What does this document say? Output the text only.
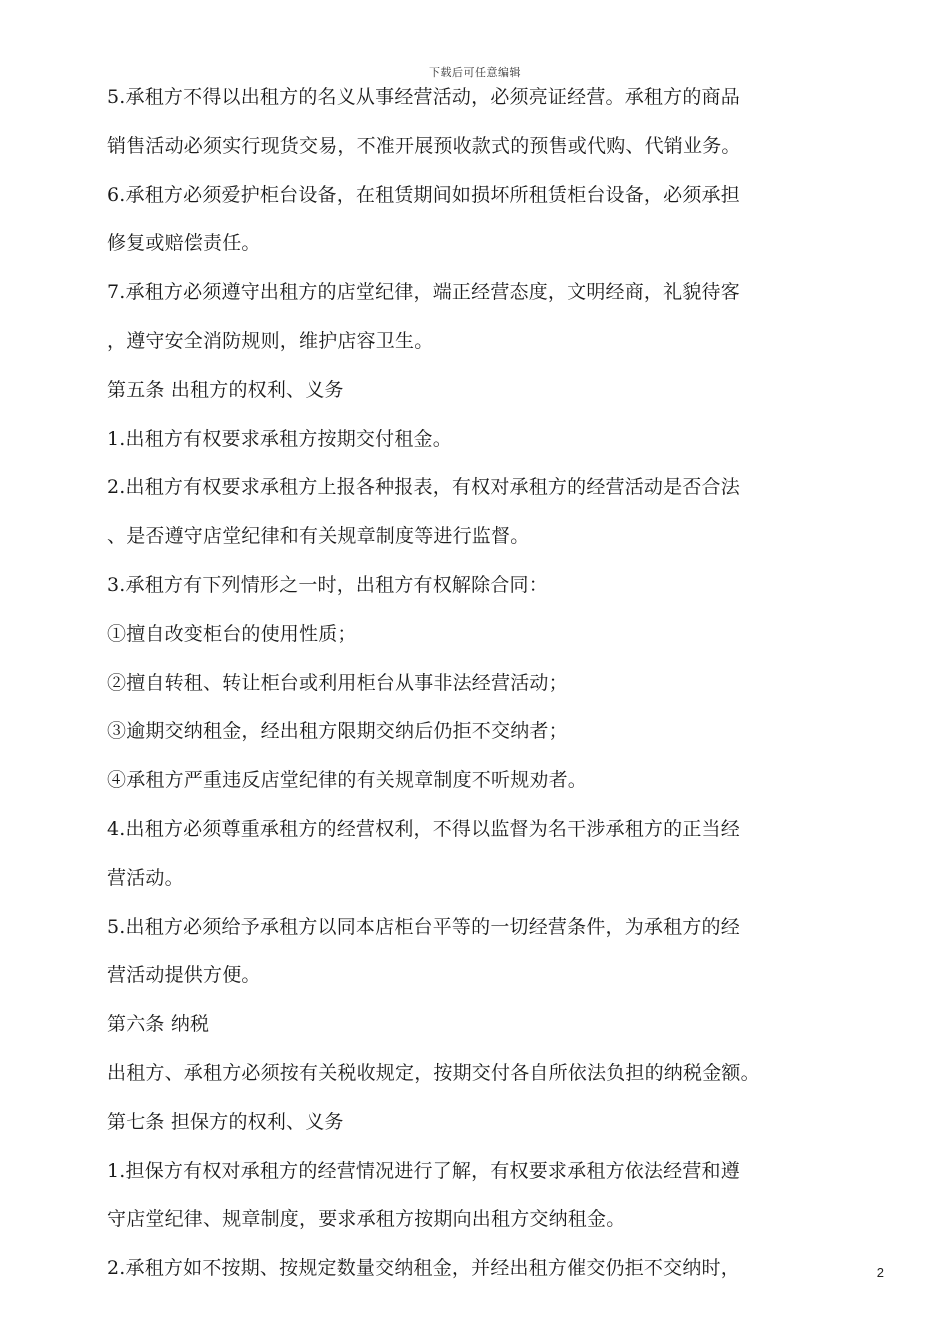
下载后可任意编辑
5.承租方不得以出租方的名义从事经营活动，必须亮证经营。承租方的商品
销售活动必须实行现货交易，不准开展预收款式的预售或代购、代销业务。
6.承租方必须爱护柜台设备，在租赁期间如损坏所租赁柜台设备，必须承担
修复或赔偿责任。
7.承租方必须遵守出租方的店堂纪律，端正经营态度，文明经商，礼貌待客
，遵守安全消防规则，维护店容卫生。
第五条 出租方的权利、义务
1.出租方有权要求承租方按期交付租金。
2.出租方有权要求承租方上报各种报表，有权对承租方的经营活动是否合法
、是否遵守店堂纪律和有关规章制度等进行监督。
3.承租方有下列情形之一时，出租方有权解除合同：
①擅自改变柜台的使用性质；
②擅自转租、转让柜台或利用柜台从事非法经营活动；
③逾期交纳租金，经出租方限期交纳后仍拒不交纳者；
④承租方严重违反店堂纪律的有关规章制度不听规劝者。
4.出租方必须尊重承租方的经营权利，不得以监督为名干涉承租方的正当经
营活动。
5.出租方必须给予承租方以同本店柜台平等的一切经营条件，为承租方的经
营活动提供方便。
第六条 纳税
出租方、承租方必须按有关税收规定，按期交付各自所依法负担的纳税金额。
第七条 担保方的权利、义务
1.担保方有权对承租方的经营情况进行了解，有权要求承租方依法经营和遵
守店堂纪律、规章制度，要求承租方按期向出租方交纳租金。
2.承租方如不按期、按规定数量交纳租金，并经出租方催交仍拒不交纳时，	2
